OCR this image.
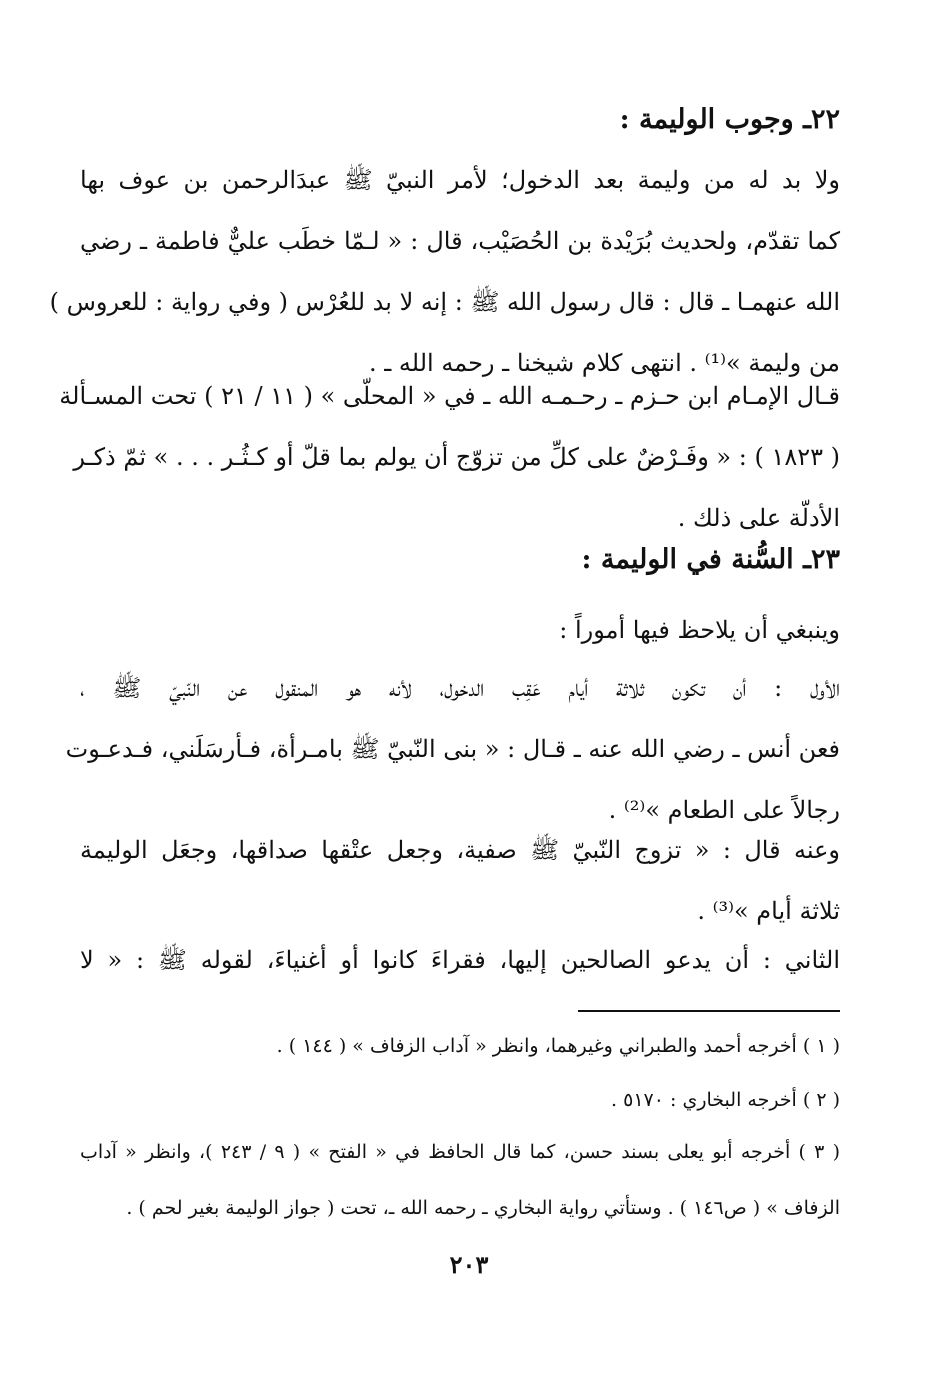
٢٢ـ وجوب الوليمة :
ولا بد له من وليمة بعد الدخول؛ لأمر النبيّ ﷺ عبدَالرحمن بن عوف بها
كما تقدّم، ولحديث بُرَيْدة بن الحُصَيْب، قال : « لـمّا خطَب عليٌّ فاطمة ـ رضي
الله عنهمـا ـ قال : قال رسول الله ﷺ : إنه لا بد للعُرْس ( وفي رواية : للعروس )
من وليمة »⁽¹⁾ . انتهى كلام شيخنا ـ رحمه الله ـ .
قـال الإمـام ابن حـزم ـ رحـمـه الله ـ في « المحلّى » ( ١١ / ٢١ ) تحت المسـألة
( ١٨٢٣ ) : « وفَـرْضٌ على كلِّ من تزوّج أن يولم بما قلّ أو كـثُـر . . . » ثمّ ذكـر
الأدلّة على ذلك .
٢٣ـ السُّنة في الوليمة :
وينبغي أن يلاحظ فيها أموراً :
الأول : أن تكون ثلاثة أيام عَقِب الدخول، لأنه هو المنقول عن النّبيّ ﷺ ،
فعن أنس ـ رضي الله عنه ـ قـال : « بنى النّبيّ ﷺ بامـرأة، فـأرسَلَني، فـدعـوت
رجالاً على الطعام »⁽²⁾ .
وعنه قال : « تزوج النّبيّ ﷺ صفية، وجعل عتْقها صداقها، وجعَل الوليمة
ثلاثة أيام »⁽³⁾ .
الثاني : أن يدعو الصالحين إليها، فقراءَ كانوا أو أغنياءَ، لقوله ﷺ : « لا
( ١ ) أخرجه أحمد والطبراني وغيرهما، وانظر « آداب الزفاف » ( ١٤٤ ) .
( ٢ ) أخرجه البخاري : ٥١٧٠ .
( ٣ ) أخرجه أبو يعلى بسند حسن، كما قال الحافظ في « الفتح » ( ٩ / ٢٤٣ )، وانظر « آداب
الزفاف » ( ص١٤٦ ) . وستأتي رواية البخاري ـ رحمه الله ـ، تحت ( جواز الوليمة بغير لحم ) .
٢٠٣
